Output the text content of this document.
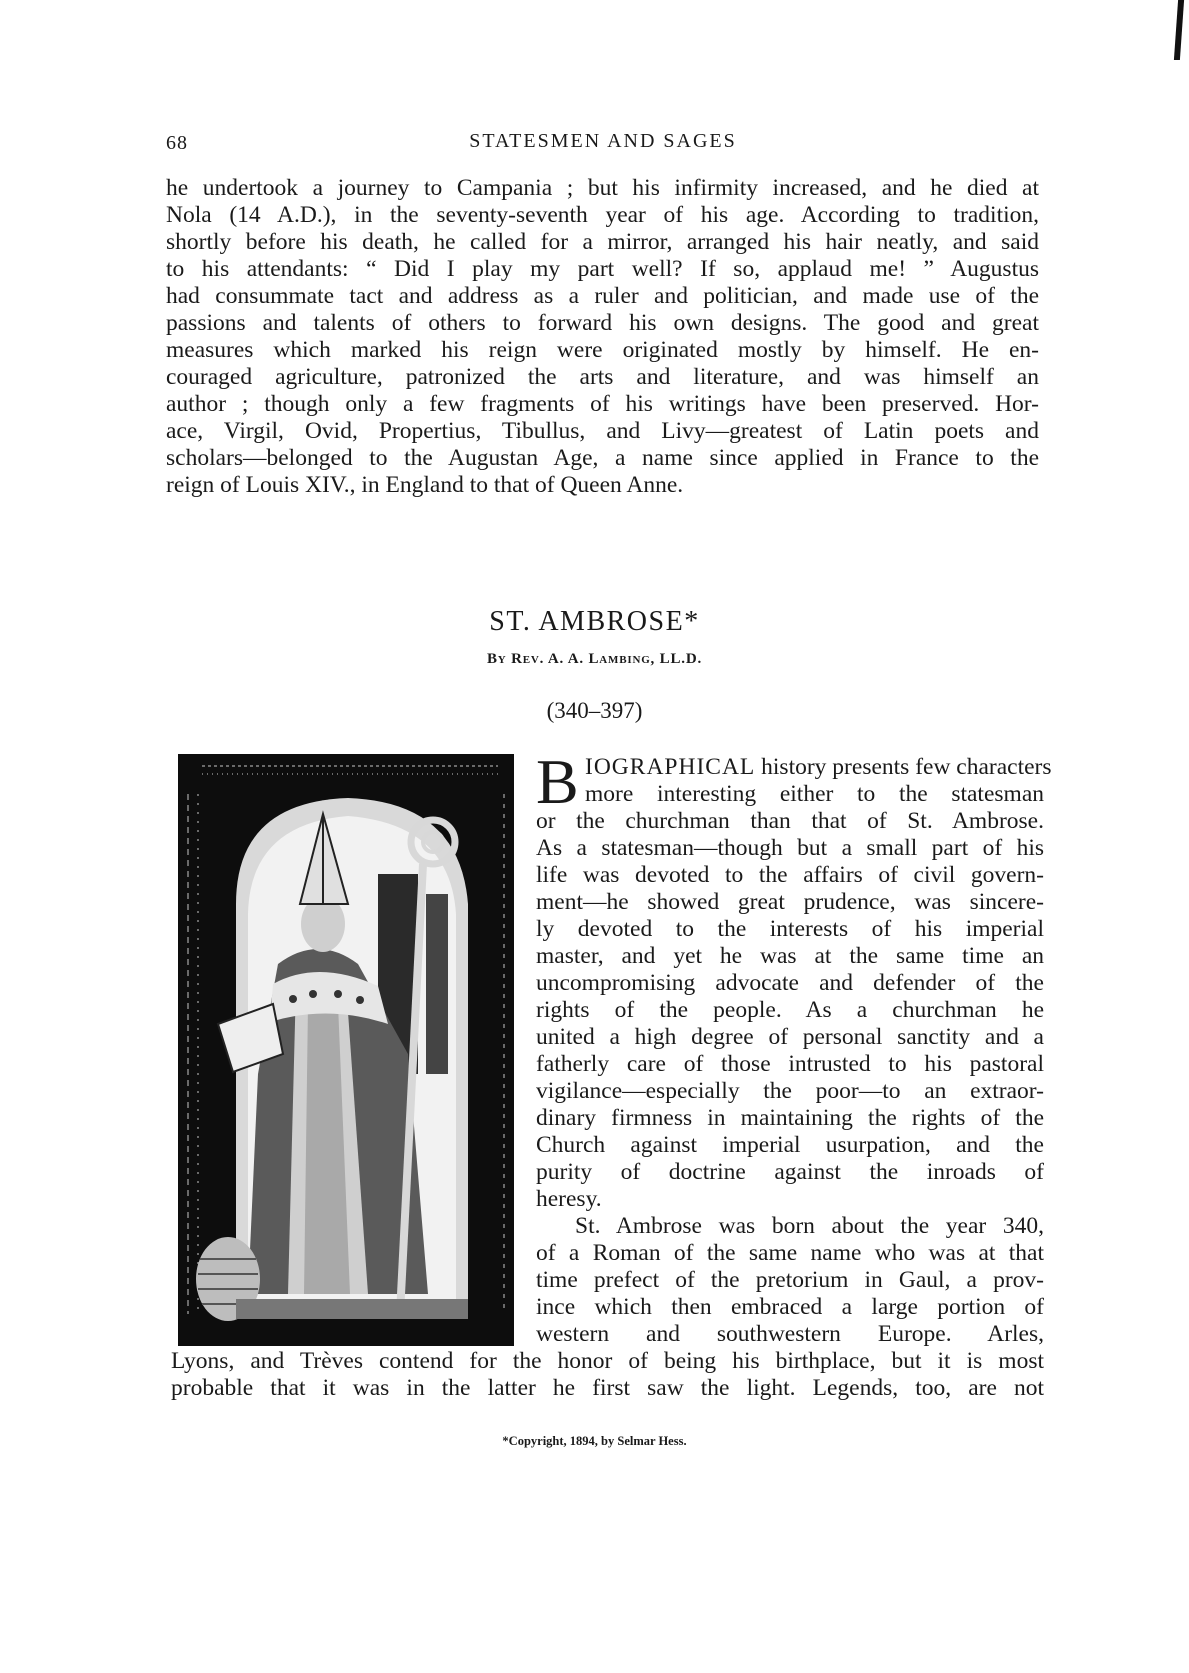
68	STATESMEN AND SAGES
he undertook a journey to Campania ; but his infirmity increased, and he died at
Nola (14 A.D.), in the seventy-seventh year of his age. According to tradition,
shortly before his death, he called for a mirror, arranged his hair neatly, and said
to his attendants: “ Did I play my part well? If so, applaud me! ” Augustus
had consummate tact and address as a ruler and politician, and made use of the
passions and talents of others to forward his own designs. The good and great
measures which marked his reign were originated mostly by himself. He en-
couraged agriculture, patronized the arts and literature, and was himself an
author ; though only a few fragments of his writings have been preserved. Hor-
ace, Virgil, Ovid, Propertius, Tibullus, and Livy—greatest of Latin poets and
scholars—belonged to the Augustan Age, a name since applied in France to the
reign of Louis XIV., in England to that of Queen Anne.
ST. AMBROSE*
By Rev. A. A. Lambing, LL.D.
(340–397)
B IOGRAPHICAL history presents few characters
more interesting either to the statesman
or the churchman than that of St. Ambrose.
As a statesman—though but a small part of his
life was devoted to the affairs of civil govern-
ment—he showed great prudence, was sincere-
ly devoted to the interests of his imperial
master, and yet he was at the same time an
uncompromising advocate and defender of the
rights of the people. As a churchman he
united a high degree of personal sanctity and a
fatherly care of those intrusted to his pastoral
vigilance—especially the poor—to an extraor-
dinary firmness in maintaining the rights of the
Church against imperial usurpation, and the
purity of doctrine against the inroads of
heresy.
St. Ambrose was born about the year 340,
of a Roman of the same name who was at that
time prefect of the pretorium in Gaul, a prov-
ince which then embraced a large portion of
western and southwestern Europe. Arles,
Lyons, and Trèves contend for the honor of being his birthplace, but it is most
probable that it was in the latter he first saw the light. Legends, too, are not
*Copyright, 1894, by Selmar Hess.
